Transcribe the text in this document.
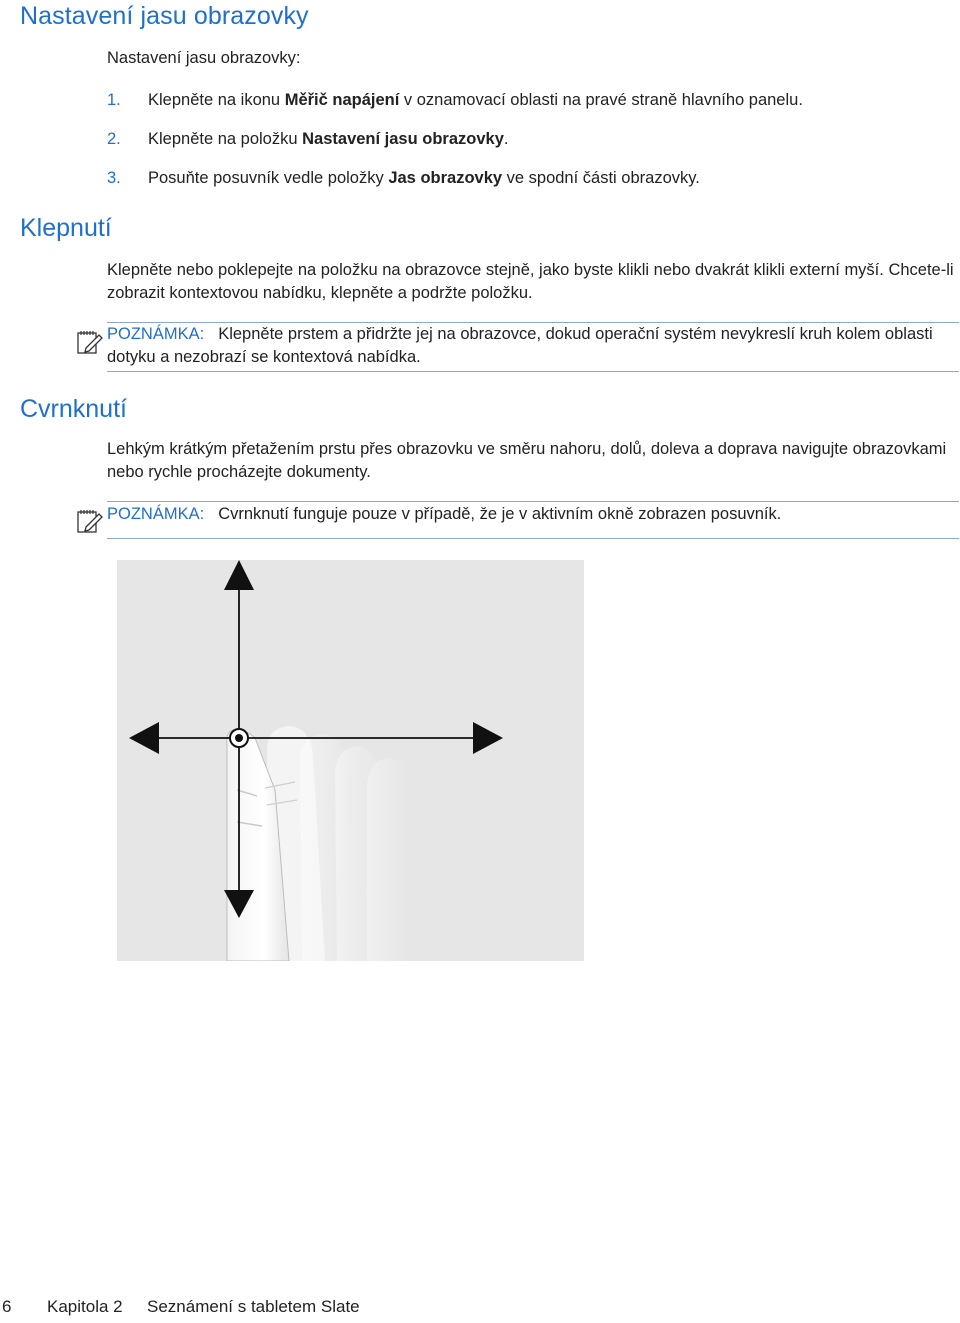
Nastavení jasu obrazovky
Nastavení jasu obrazovky:
1. Klepněte na ikonu Měřič napájení v oznamovací oblasti na pravé straně hlavního panelu.
2. Klepněte na položku Nastavení jasu obrazovky.
3. Posuňte posuvník vedle položky Jas obrazovky ve spodní části obrazovky.
Klepnutí
Klepněte nebo poklepejte na položku na obrazovce stejně, jako byste klikli nebo dvakrát klikli externí myší. Chcete-li zobrazit kontextovou nabídku, klepněte a podržte položku.
POZNÁMKA: Klepněte prstem a přidržte jej na obrazovce, dokud operační systém nevykreslí kruh kolem oblasti dotyku a nezobrazí se kontextová nabídka.
Cvrnknutí
Lehkým krátkým přetažením prstu přes obrazovku ve směru nahoru, dolů, doleva a doprava navigujte obrazovkami nebo rychle procházejte dokumenty.
POZNÁMKA: Cvrnknutí funguje pouze v případě, že je v aktivním okně zobrazen posuvník.
6 Kapitola 2 Seznámení s tabletem Slate
